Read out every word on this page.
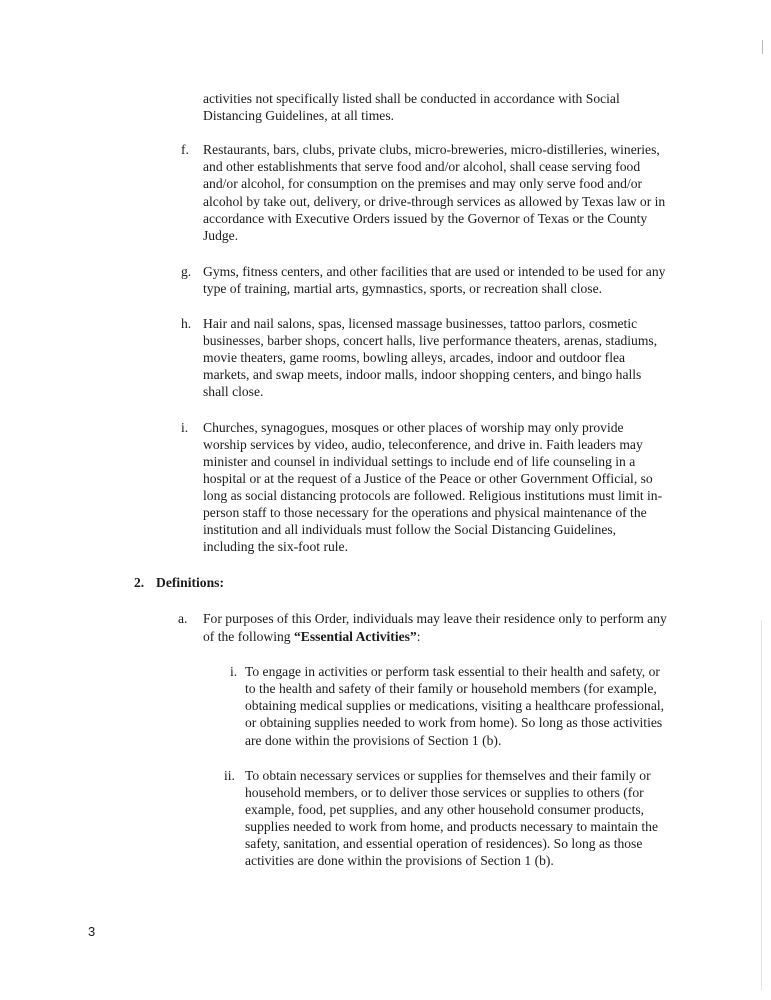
activities not specifically listed shall be conducted in accordance with Social
Distancing Guidelines, at all times.
f. Restaurants, bars, clubs, private clubs, micro-breweries, micro-distilleries, wineries,
and other establishments that serve food and/or alcohol, shall cease serving food
and/or alcohol, for consumption on the premises and may only serve food and/or
alcohol by take out, delivery, or drive-through services as allowed by Texas law or in
accordance with Executive Orders issued by the Governor of Texas or the County
Judge.
g. Gyms, fitness centers, and other facilities that are used or intended to be used for any
type of training, martial arts, gymnastics, sports, or recreation shall close.
h. Hair and nail salons, spas, licensed massage businesses, tattoo parlors, cosmetic
businesses, barber shops, concert halls, live performance theaters, arenas, stadiums,
movie theaters, game rooms, bowling alleys, arcades, indoor and outdoor flea
markets, and swap meets, indoor malls, indoor shopping centers, and bingo halls
shall close.
i. Churches, synagogues, mosques or other places of worship may only provide
worship services by video, audio, teleconference, and drive in. Faith leaders may
minister and counsel in individual settings to include end of life counseling in a
hospital or at the request of a Justice of the Peace or other Government Official, so
long as social distancing protocols are followed. Religious institutions must limit in-
person staff to those necessary for the operations and physical maintenance of the
institution and all individuals must follow the Social Distancing Guidelines,
including the six-foot rule.
2. Definitions:
a. For purposes of this Order, individuals may leave their residence only to perform any
of the following “Essential Activities”:
i. To engage in activities or perform task essential to their health and safety, or
to the health and safety of their family or household members (for example,
obtaining medical supplies or medications, visiting a healthcare professional,
or obtaining supplies needed to work from home). So long as those activities
are done within the provisions of Section 1 (b).
ii. To obtain necessary services or supplies for themselves and their family or
household members, or to deliver those services or supplies to others (for
example, food, pet supplies, and any other household consumer products,
supplies needed to work from home, and products necessary to maintain the
safety, sanitation, and essential operation of residences). So long as those
activities are done within the provisions of Section 1 (b).
3
